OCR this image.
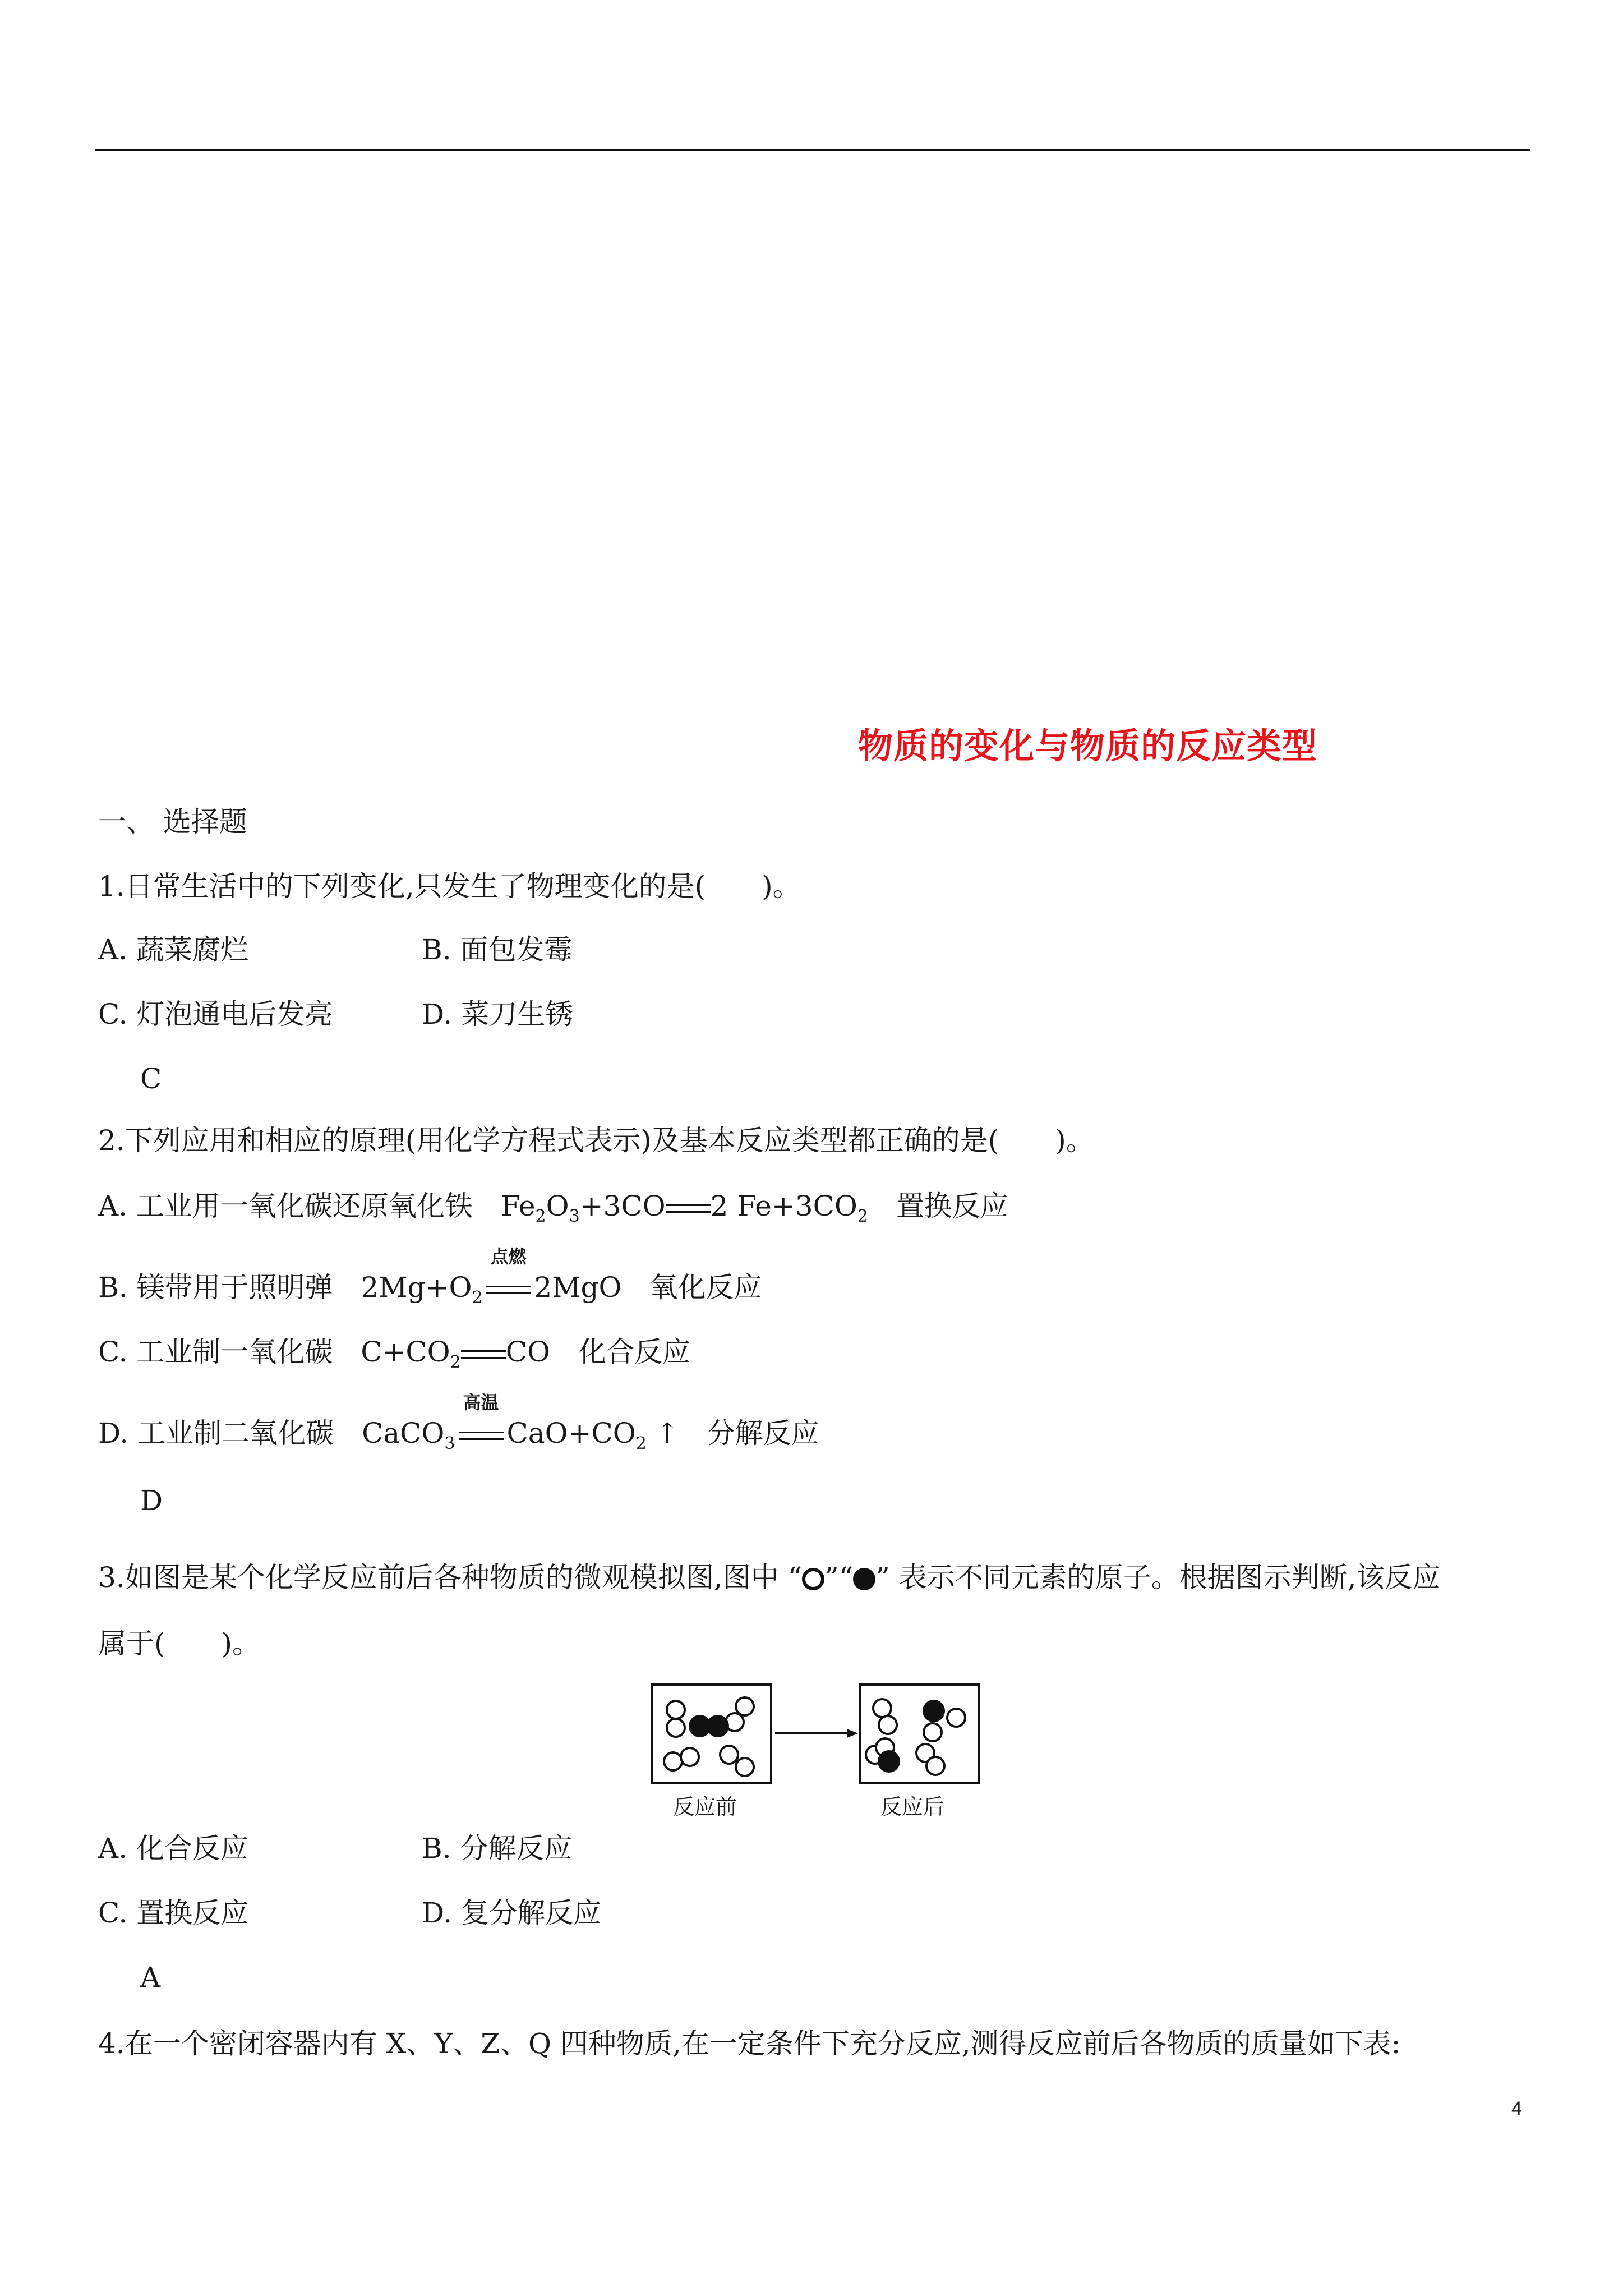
物质的变化与物质的反应类型
一、 选择题
1.日常生活中的下列变化,只发生了物理变化的是(　　)。
A. 蔬菜腐烂	B. 面包发霉
C. 灯泡通电后发亮	D. 菜刀生锈
C
2.下列应用和相应的原理(用化学方程式表示)及基本反应类型都正确的是(　　)。
A. 工业用一氧化碳还原氧化铁 $Fe_2O_3+3CO$ 2 $Fe+3CO_2$ 置换反应
B. 镁带用于照明弹 $2Mg+O_2$
点燃
2MgO 氧化反应
C. 工业制一氧化碳 $C+CO_2$ CO 化合反应
D. 工业制二氧化碳 CaCO$_3$
高温
$CaO+CO_2$ ↑ 分解反应
D
3.如图是某个化学反应前后各种物质的微观模拟图,图中 “ ”“ ” 表示不同元素的原子。根据图示判断,该反应
属于(　　)。
反应前	反应后
A. 化合反应	B. 分解反应
C. 置换反应	D. 复分解反应
A
4.在一个密闭容器内有 X、Y、Z、Q 四种物质,在一定条件下充分反应,测得反应前后各物质的质量如下表:
4
